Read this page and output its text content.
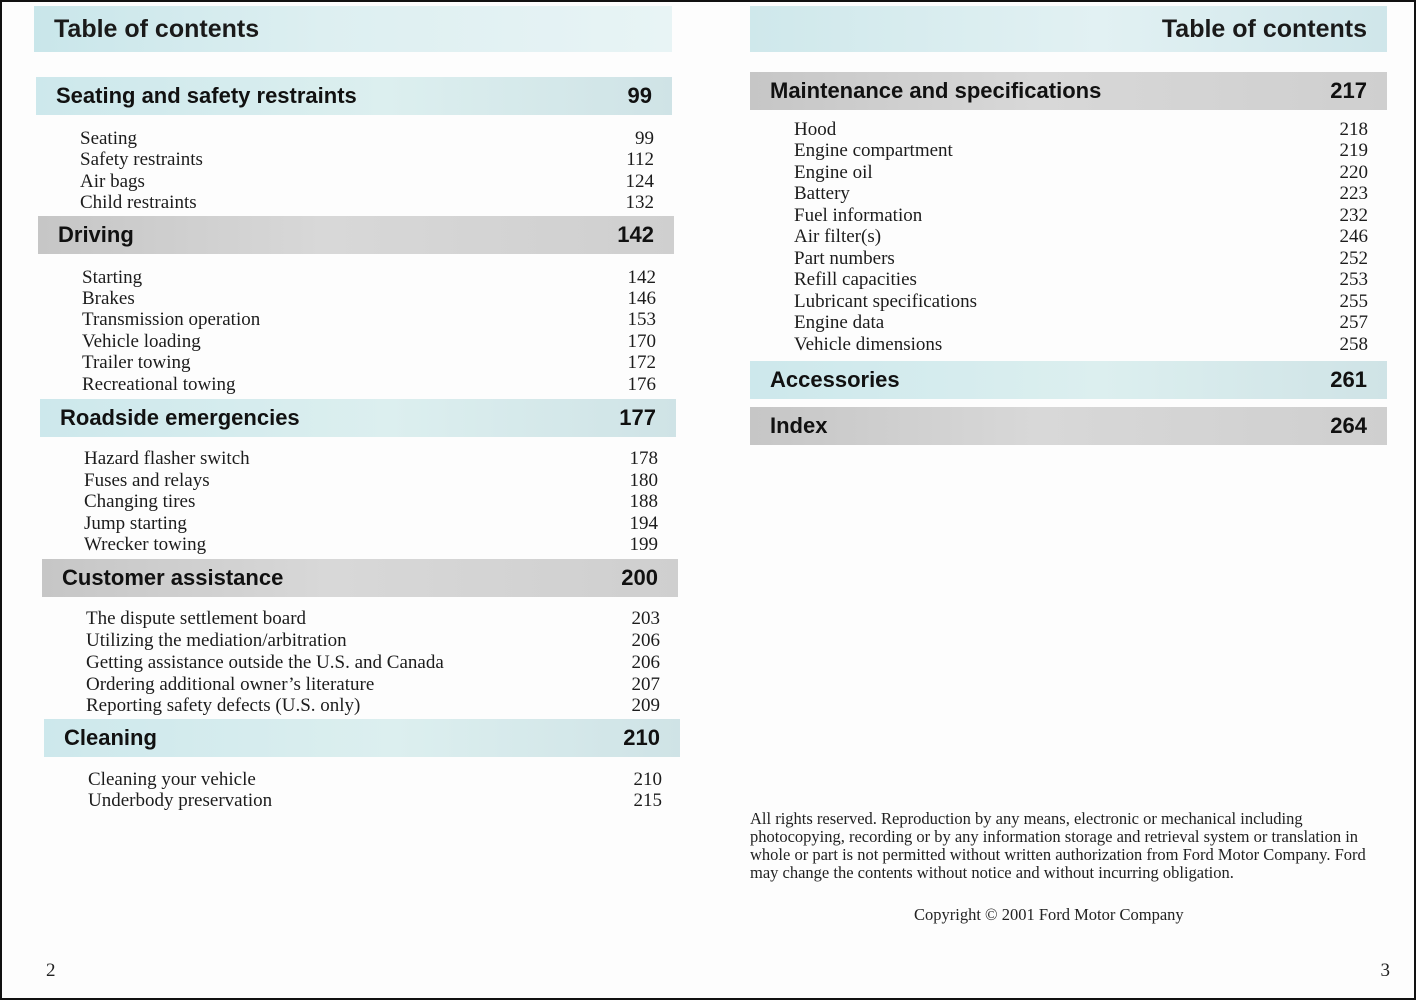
Table of contents
Seating and safety restraints	99
Seating	99
Safety restraints	112
Air bags	124
Child restraints	132
Driving	142
Starting	142
Brakes	146
Transmission operation	153
Vehicle loading	170
Trailer towing	172
Recreational towing	176
Roadside emergencies	177
Hazard flasher switch	178
Fuses and relays	180
Changing tires	188
Jump starting	194
Wrecker towing	199
Customer assistance	200
The dispute settlement board	203
Utilizing the mediation/arbitration	206
Getting assistance outside the U.S. and Canada	206
Ordering additional owner’s literature	207
Reporting safety defects (U.S. only)	209
Cleaning	210
Cleaning your vehicle	210
Underbody preservation	215
2
Table of contents
Maintenance and specifications	217
Hood	218
Engine compartment	219
Engine oil	220
Battery	223
Fuel information	232
Air filter(s)	246
Part numbers	252
Refill capacities	253
Lubricant specifications	255
Engine data	257
Vehicle dimensions	258
Accessories	261
Index	264
All rights reserved. Reproduction by any means, electronic or mechanical including photocopying, recording or by any information storage and retrieval system or translation in whole or part is not permitted without written authorization from Ford Motor Company. Ford may change the contents without notice and without incurring obligation.
Copyright © 2001 Ford Motor Company
3
